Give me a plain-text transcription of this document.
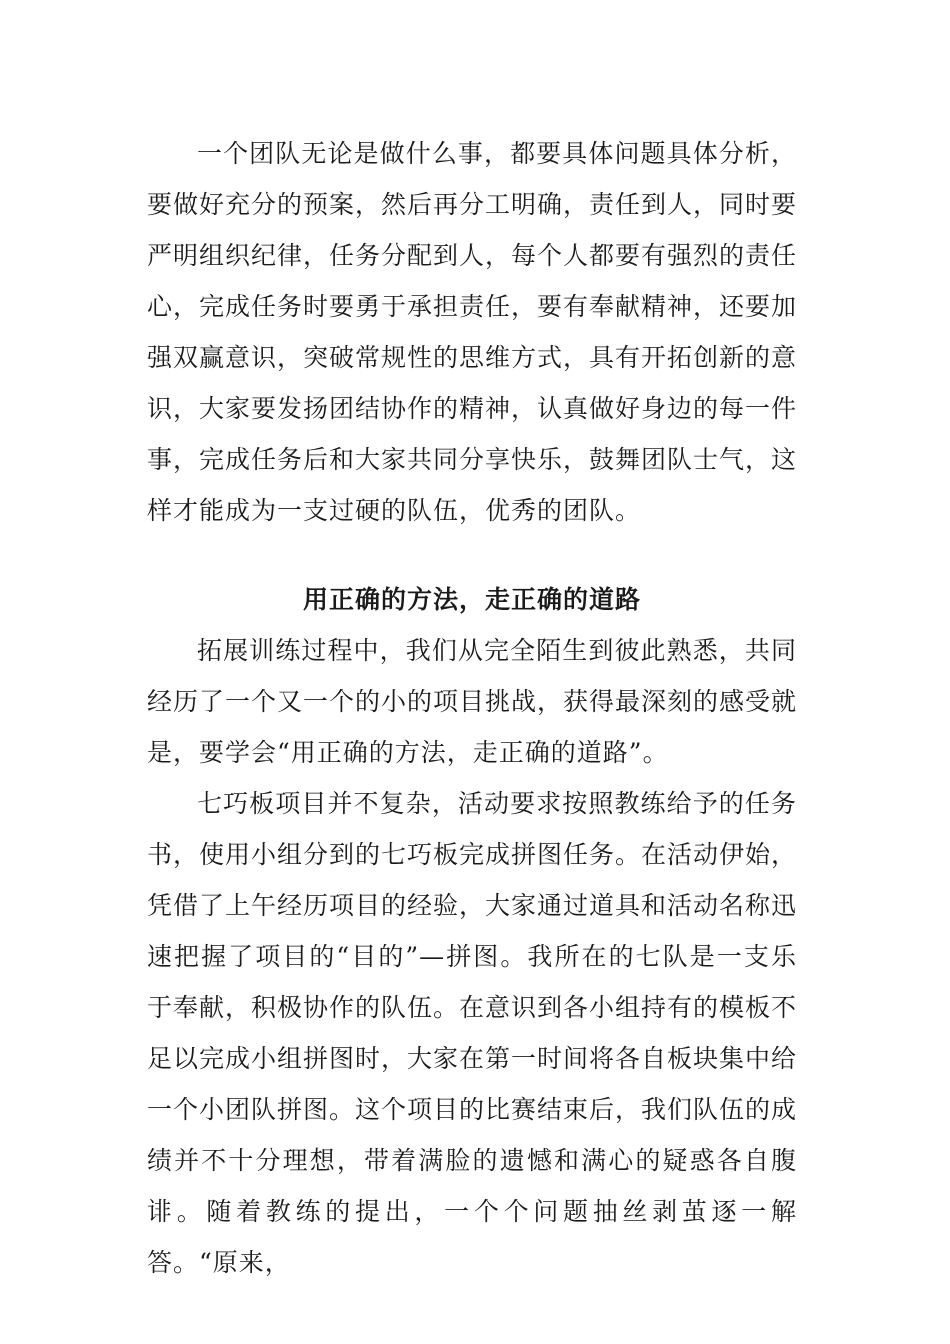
一个团队无论是做什么事，都要具体问题具体分析，要做好充分的预案，然后再分工明确，责任到人，同时要严明组织纪律，任务分配到人，每个人都要有强烈的责任心，完成任务时要勇于承担责任，要有奉献精神，还要加强双赢意识，突破常规性的思维方式，具有开拓创新的意识，大家要发扬团结协作的精神，认真做好身边的每一件事，完成任务后和大家共同分享快乐，鼓舞团队士气，这样才能成为一支过硬的队伍，优秀的团队。

用正确的方法，走正确的道路

拓展训练过程中，我们从完全陌生到彼此熟悉，共同经历了一个又一个的小的项目挑战，获得最深刻的感受就是，要学会“用正确的方法，走正确的道路”。

七巧板项目并不复杂，活动要求按照教练给予的任务书，使用小组分到的七巧板完成拼图任务。在活动伊始，凭借了上午经历项目的经验，大家通过道具和活动名称迅速把握了项目的“目的”—拼图。我所在的七队是一支乐于奉献，积极协作的队伍。在意识到各小组持有的模板不足以完成小组拼图时，大家在第一时间将各自板块集中给一个小团队拼图。这个项目的比赛结束后，我们队伍的成绩并不十分理想，带着满脸的遗憾和满心的疑惑各自腹诽。随着教练的提出，一个个问题抽丝剥茧逐一解答。“原来，
